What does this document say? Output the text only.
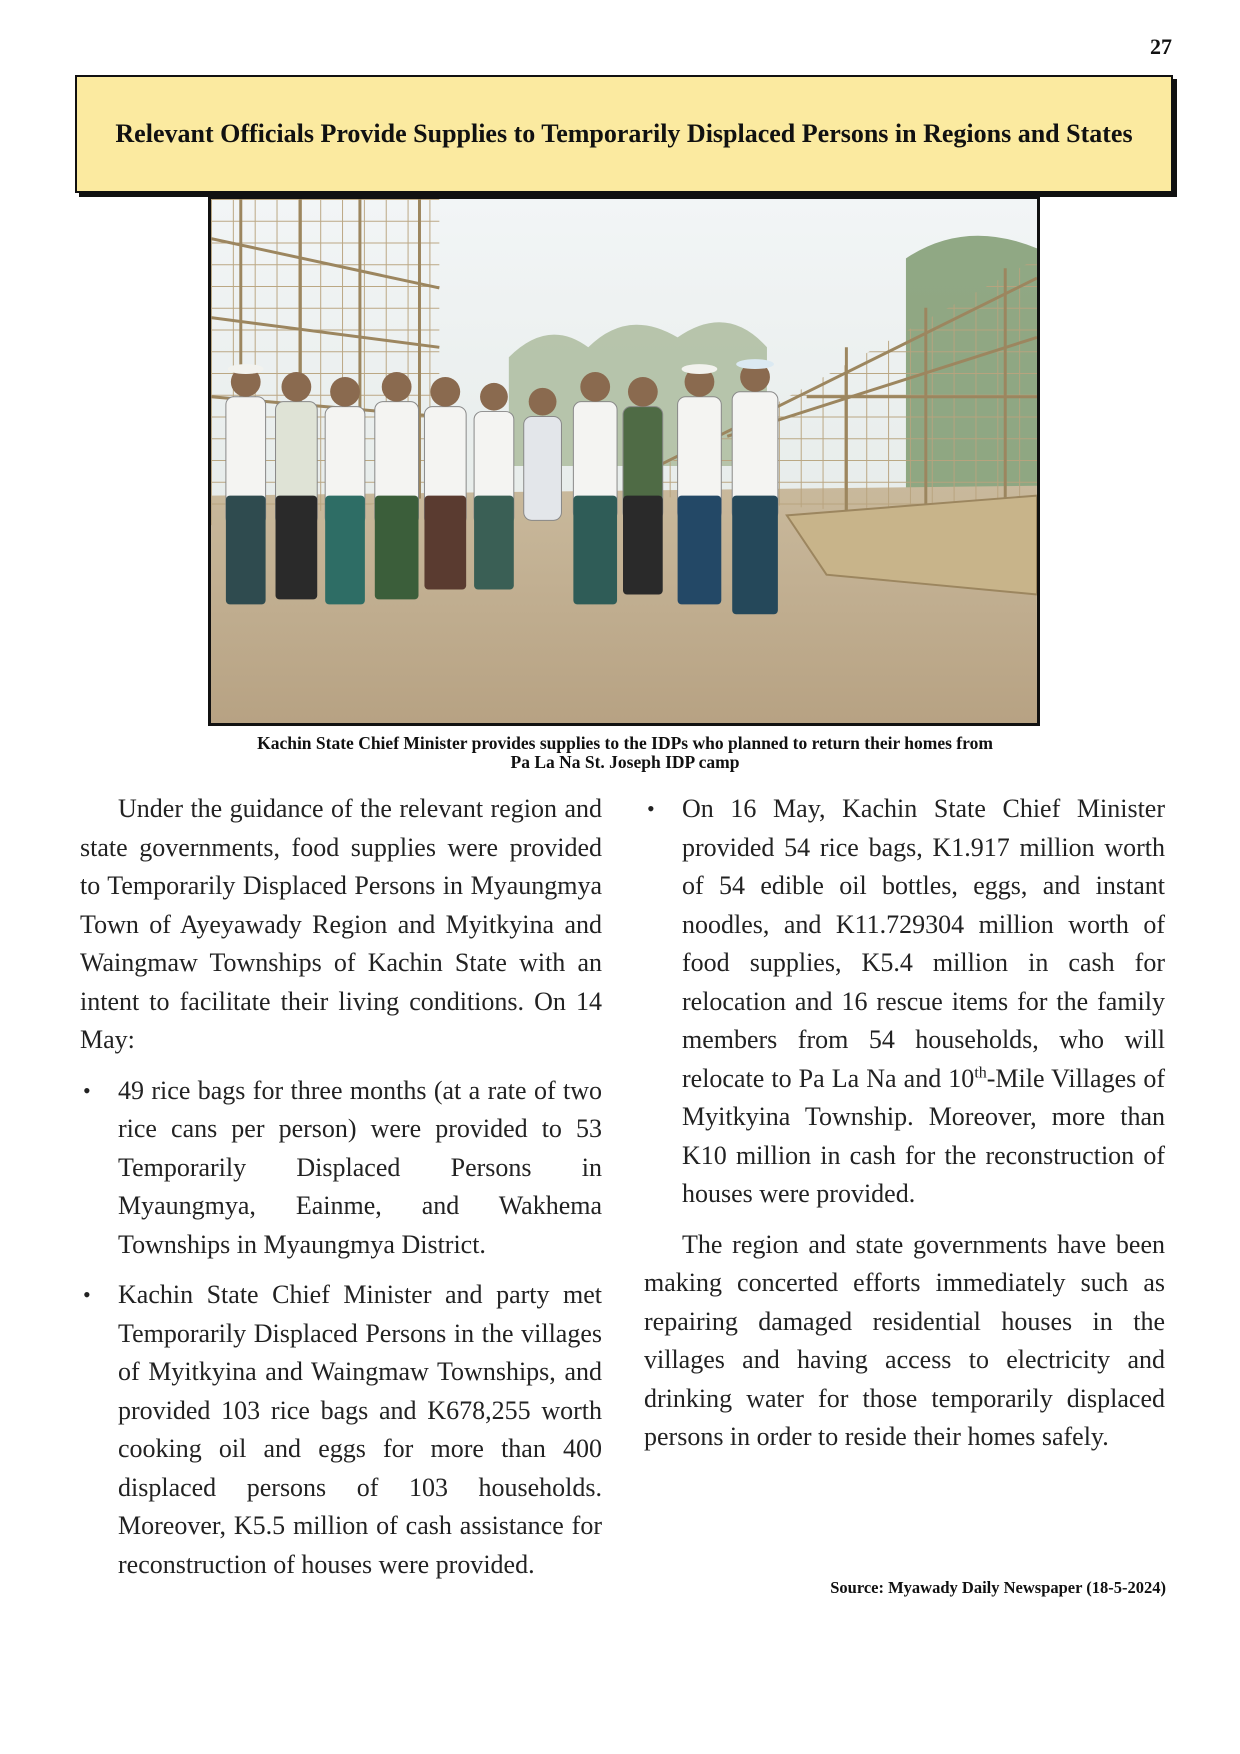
27
Relevant Officials Provide Supplies to Temporarily Displaced Persons in Regions and States
Kachin State Chief Minister provides supplies to the IDPs who planned to return their homes from
Pa La Na St. Joseph IDP camp

Under the guidance of the relevant region and state governments, food supplies were provided to Temporarily Displaced Persons in Myaungmya Town of Ayeyawady Region and Myitkyina and Waingmaw Townships of Kachin State with an intent to facilitate their living conditions. On 14 May:

• 49 rice bags for three months (at a rate of two rice cans per person) were provided to 53 Temporarily Displaced Persons in Myaungmya, Eainme, and Wakhema Townships in Myaungmya District.
• Kachin State Chief Minister and party met Temporarily Displaced Persons in the villages of Myitkyina and Waingmaw Townships, and provided 103 rice bags and K678,255 worth cooking oil and eggs for more than 400 displaced persons of 103 households. Moreover, K5.5 million of cash assistance for reconstruction of houses were provided.
• On 16 May, Kachin State Chief Minister provided 54 rice bags, K1.917 million worth of 54 edible oil bottles, eggs, and instant noodles, and K11.729304 million worth of food supplies, K5.4 million in cash for relocation and 16 rescue items for the family members from 54 households, who will relocate to Pa La Na and 10th-Mile Villages of Myitkyina Township. Moreover, more than K10 million in cash for the reconstruction of houses were provided.

The region and state governments have been making concerted efforts immediately such as repairing damaged residential houses in the villages and having access to electricity and drinking water for those temporarily displaced persons in order to reside their homes safely.

Source: Myawady Daily Newspaper (18-5-2024)
